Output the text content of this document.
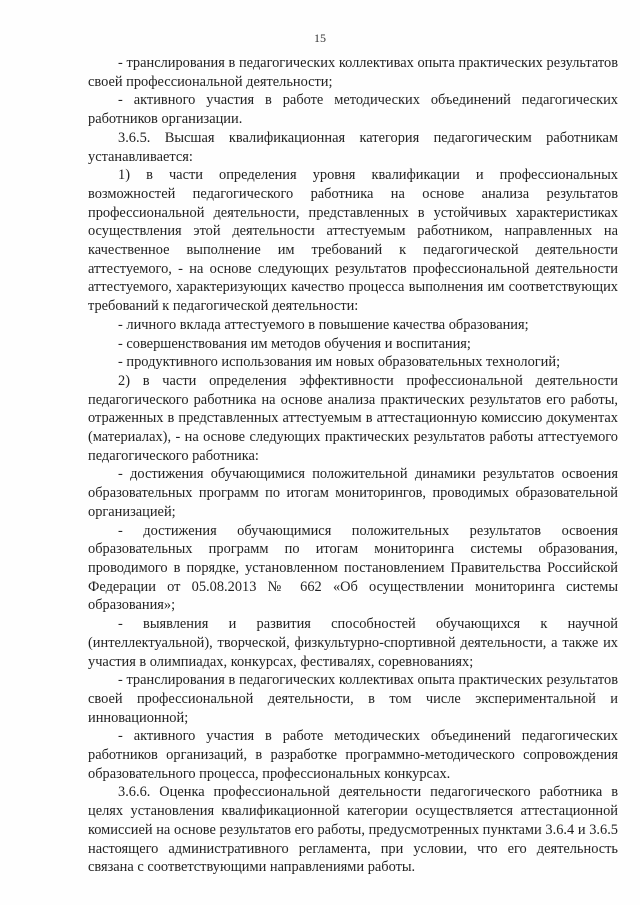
15

- транслирования в педагогических коллективах опыта практических результатов своей профессиональной деятельности;

- активного участия в работе методических объединений педагогических работников организации.

3.6.5. Высшая квалификационная категория педагогическим работникам устанавливается:

1) в части определения уровня квалификации и профессиональных возможностей педагогического работника на основе анализа результатов профессиональной деятельности, представленных в устойчивых характеристиках осуществления этой деятельности аттестуемым работником, направленных на качественное выполнение им требований к педагогической деятельности аттестуемого, - на основе следующих результатов профессиональной деятельности аттестуемого, характеризующих качество процесса выполнения им соответствующих требований к педагогической деятельности:

- личного вклада аттестуемого в повышение качества образования;

- совершенствования им методов обучения и воспитания;

- продуктивного использования им новых образовательных технологий;

2) в части определения эффективности профессиональной деятельности педагогического работника на основе анализа практических результатов его работы, отраженных в представленных аттестуемым в аттестационную комиссию документах (материалах), - на основе следующих практических результатов работы аттестуемого педагогического работника:

- достижения обучающимися положительной динамики результатов освоения образовательных программ по итогам мониторингов, проводимых образовательной организацией;

- достижения обучающимися положительных результатов освоения образовательных программ по итогам мониторинга системы образования, проводимого в порядке, установленном постановлением Правительства Российской Федерации от 05.08.2013 № 662 «Об осуществлении мониторинга системы образования»;

- выявления и развития способностей обучающихся к научной (интеллектуальной), творческой, физкультурно-спортивной деятельности, а также их участия в олимпиадах, конкурсах, фестивалях, соревнованиях;

- транслирования в педагогических коллективах опыта практических результатов своей профессиональной деятельности, в том числе экспериментальной и инновационной;

- активного участия в работе методических объединений педагогических работников организаций, в разработке программно-методического сопровождения образовательного процесса, профессиональных конкурсах.

3.6.6. Оценка профессиональной деятельности педагогического работника в целях установления квалификационной категории осуществляется аттестационной комиссией на основе результатов его работы, предусмотренных пунктами 3.6.4 и 3.6.5 настоящего административного регламента, при условии, что его деятельность связана с соответствующими направлениями работы.
